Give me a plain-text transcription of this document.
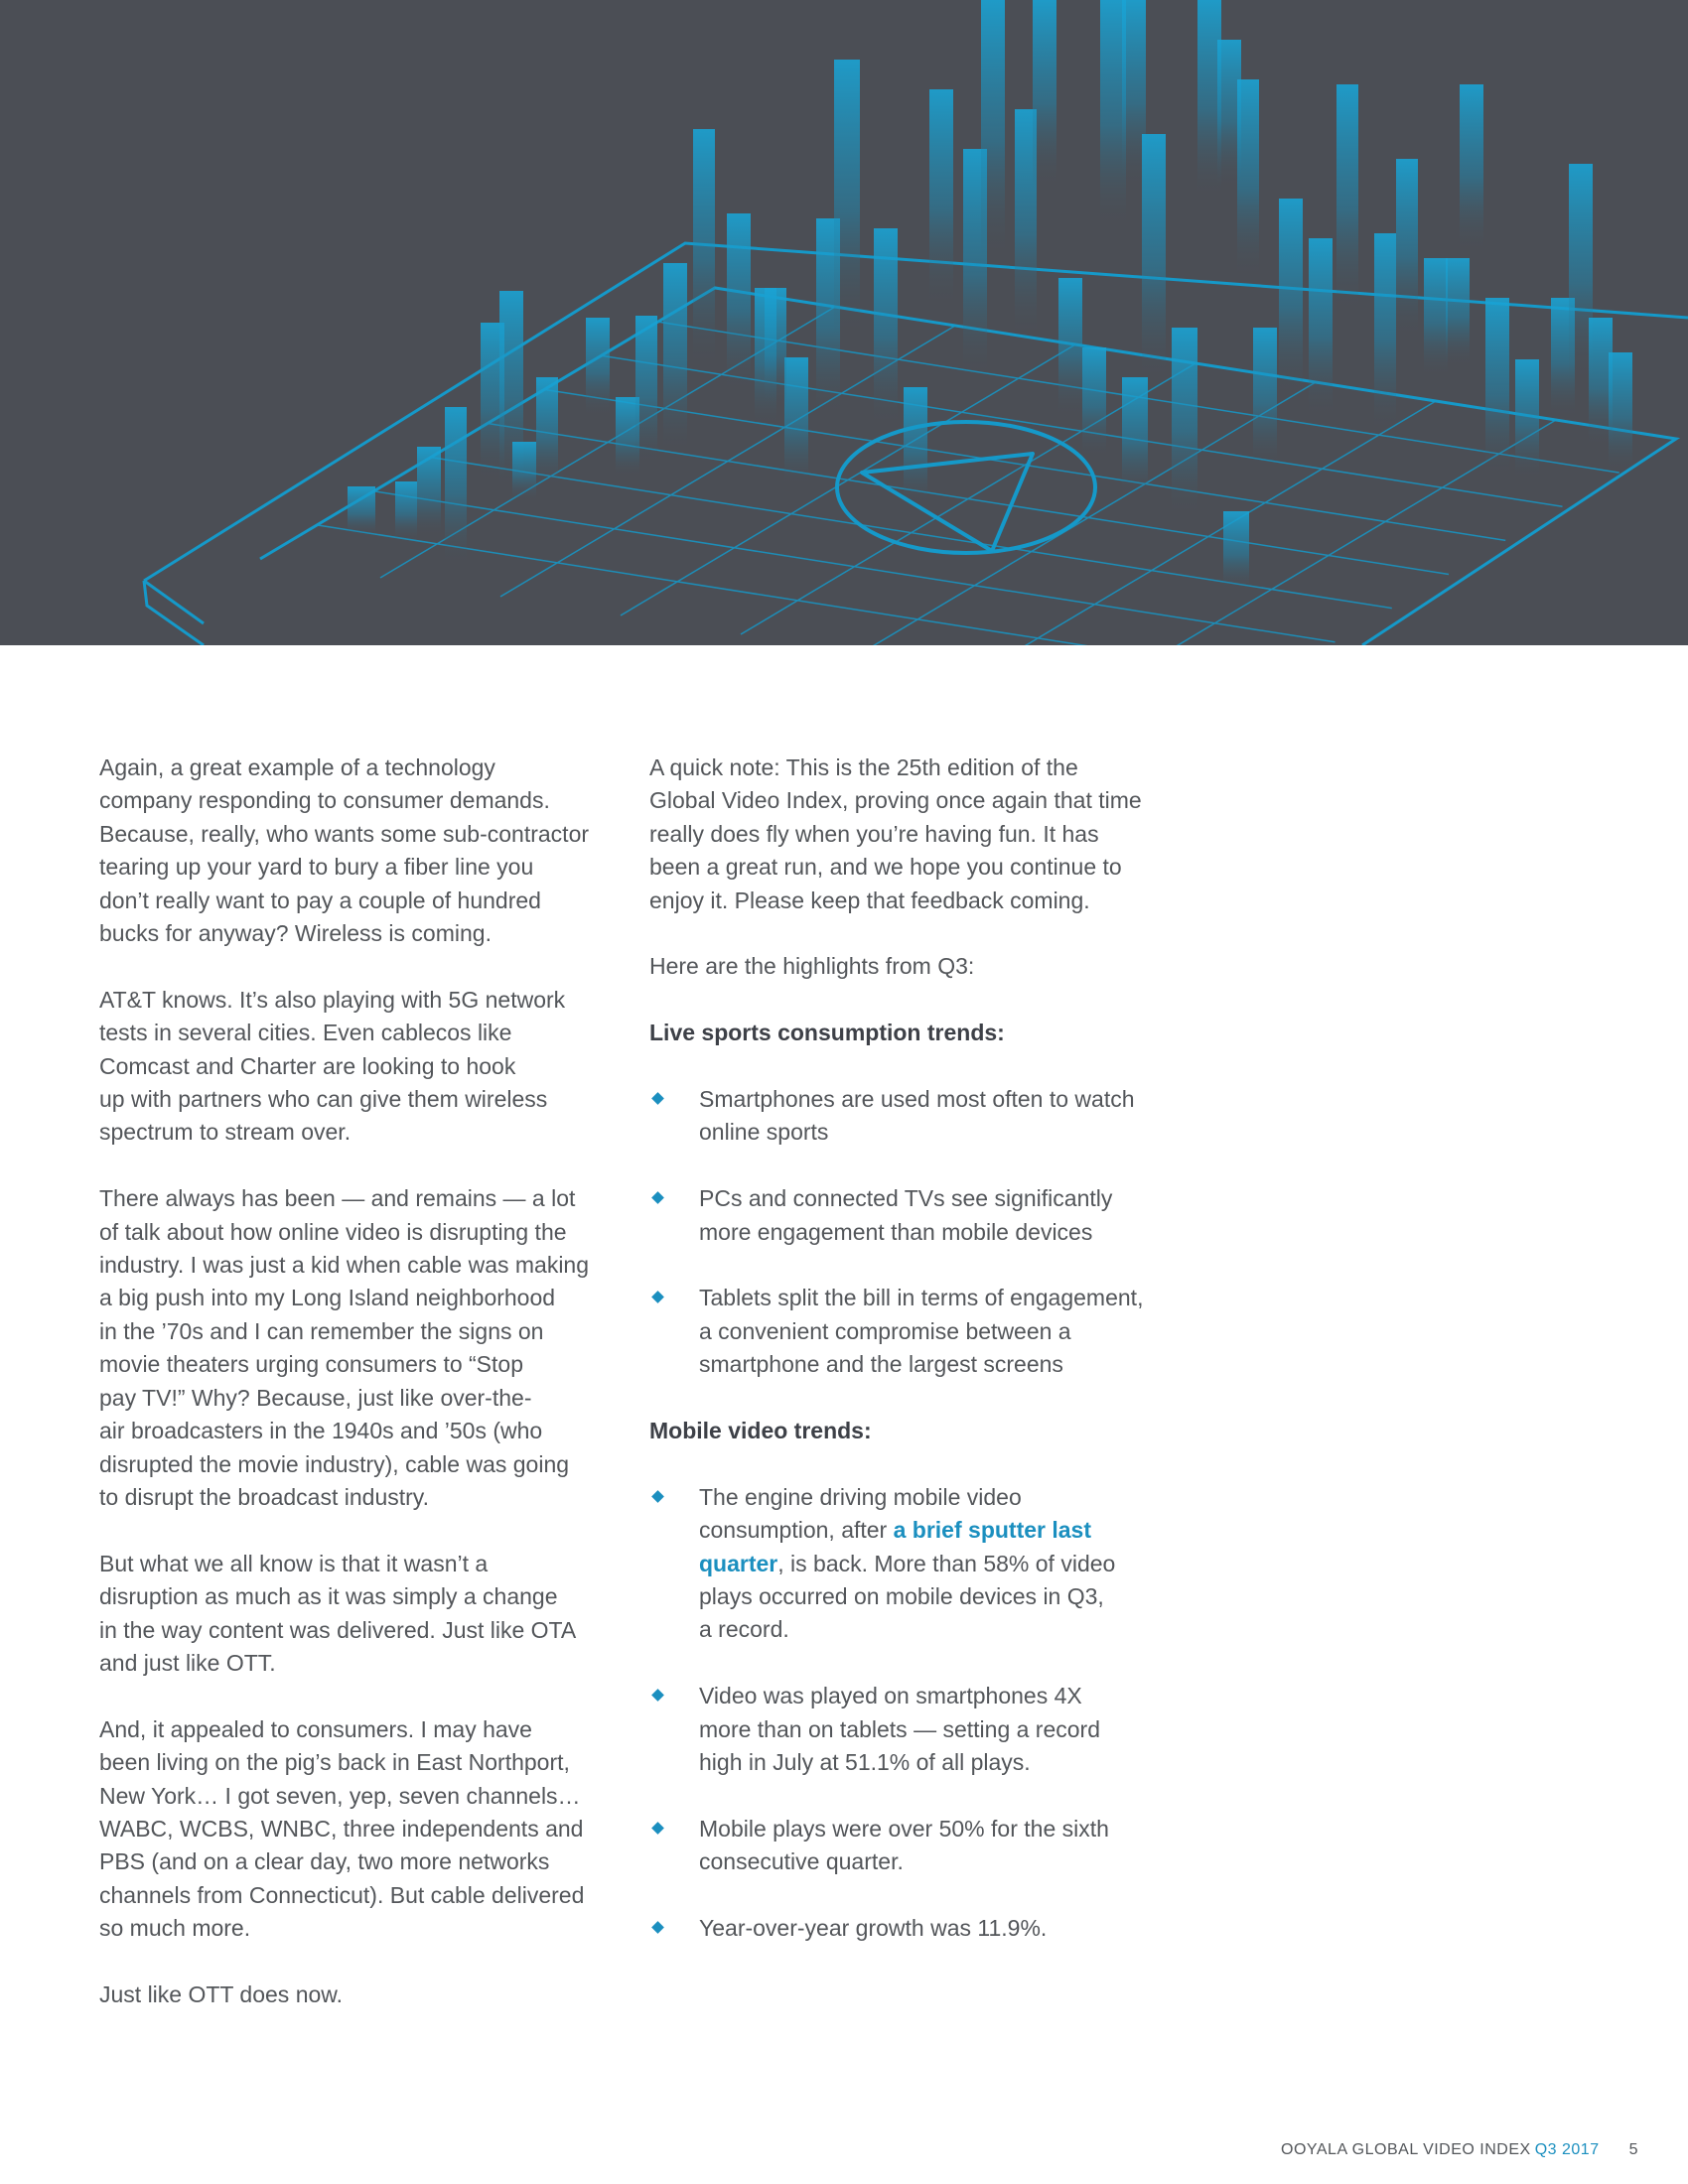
Again, a great example of a technology
company responding to consumer demands.
Because, really, who wants some sub-contractor
tearing up your yard to bury a fiber line you
don’t really want to pay a couple of hundred
bucks for anyway? Wireless is coming.

AT&T knows. It’s also playing with 5G network
tests in several cities. Even cablecos like
Comcast and Charter are looking to hook
up with partners who can give them wireless
spectrum to stream over.

There always has been — and remains — a lot
of talk about how online video is disrupting the
industry. I was just a kid when cable was making
a big push into my Long Island neighborhood
in the ’70s and I can remember the signs on
movie theaters urging consumers to “Stop
pay TV!” Why? Because, just like over-the-
air broadcasters in the 1940s and ’50s (who
disrupted the movie industry), cable was going
to disrupt the broadcast industry.

But what we all know is that it wasn’t a
disruption as much as it was simply a change
in the way content was delivered. Just like OTA
and just like OTT.

And, it appealed to consumers. I may have
been living on the pig’s back in East Northport,
New York… I got seven, yep, seven channels…
WABC, WCBS, WNBC, three independents and
PBS (and on a clear day, two more networks
channels from Connecticut). But cable delivered
so much more.

Just like OTT does now.

A quick note: This is the 25th edition of the
Global Video Index, proving once again that time
really does fly when you’re having fun. It has
been a great run, and we hope you continue to
enjoy it. Please keep that feedback coming.

Here are the highlights from Q3:

Live sports consumption trends:

Smartphones are used most often to watch
online sports
PCs and connected TVs see significantly
more engagement than mobile devices
Tablets split the bill in terms of engagement,
a convenient compromise between a
smartphone and the largest screens

Mobile video trends:

The engine driving mobile video
consumption, after a brief sputter last
quarter, is back. More than 58% of video
plays occurred on mobile devices in Q3,
a record.
Video was played on smartphones 4X
more than on tablets — setting a record
high in July at 51.1% of all plays.
Mobile plays were over 50% for the sixth
consecutive quarter.
Year-over-year growth was 11.9%.
OOYALA GLOBAL VIDEO INDEX Q3 2017 5
